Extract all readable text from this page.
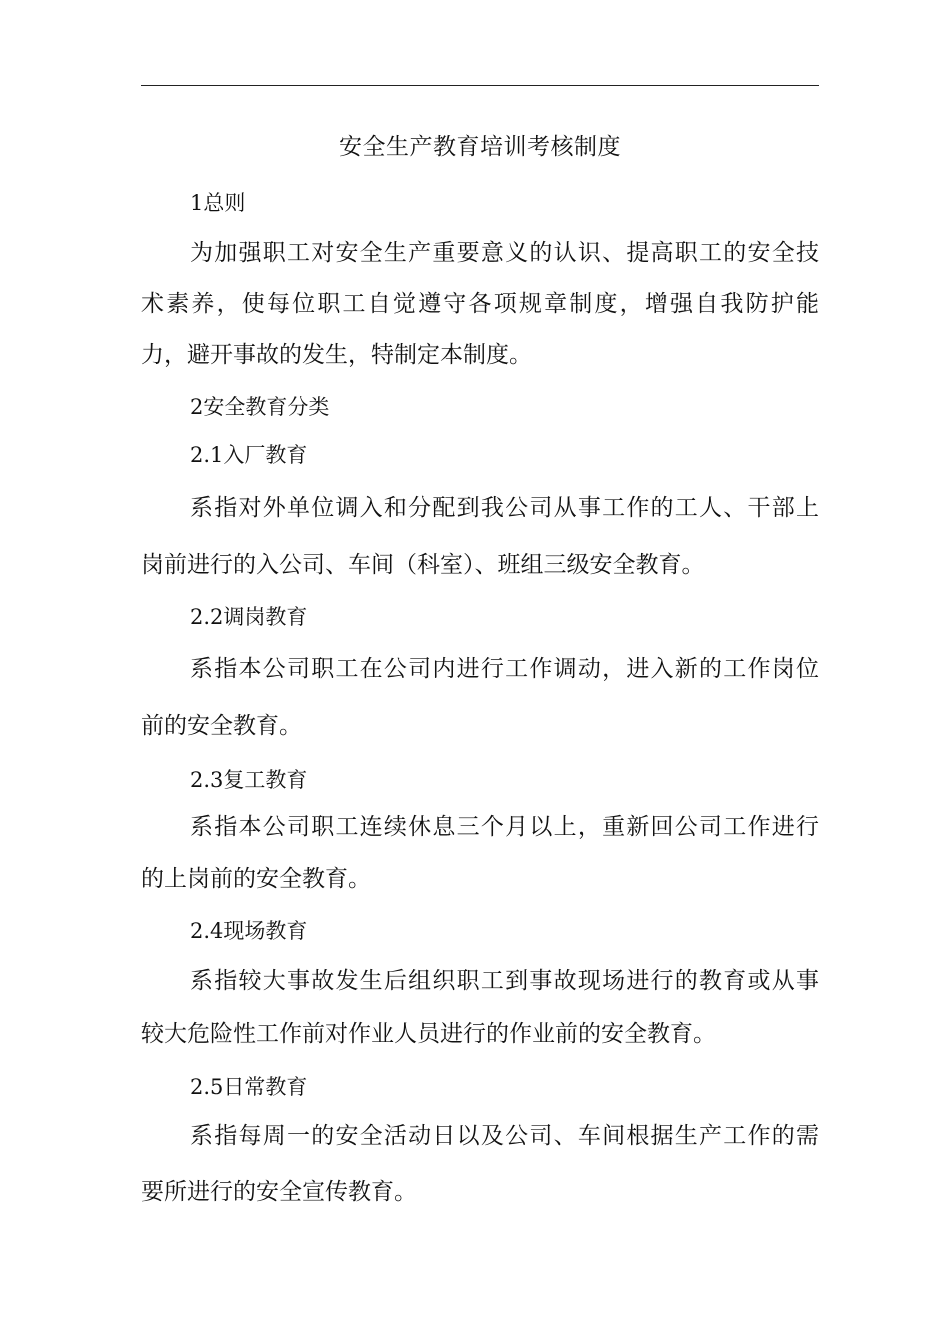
安全生产教育培训考核制度
1总则
为加强职工对安全生产重要意义的认识、提高职工的安全技
术素养，使每位职工自觉遵守各项规章制度，增强自我防护能
力，避开事故的发生，特制定本制度。
2安全教育分类
2.1入厂教育
系指对外单位调入和分配到我公司从事工作的工人、干部上
岗前进行的入公司、车间（科室）、班组三级安全教育。
2.2调岗教育
系指本公司职工在公司内进行工作调动，进入新的工作岗位
前的安全教育。
2.3复工教育
系指本公司职工连续休息三个月以上，重新回公司工作进行
的上岗前的安全教育。
2.4现场教育
系指较大事故发生后组织职工到事故现场进行的教育或从事
较大危险性工作前对作业人员进行的作业前的安全教育。
2.5日常教育
系指每周一的安全活动日以及公司、车间根据生产工作的需
要所进行的安全宣传教育。
